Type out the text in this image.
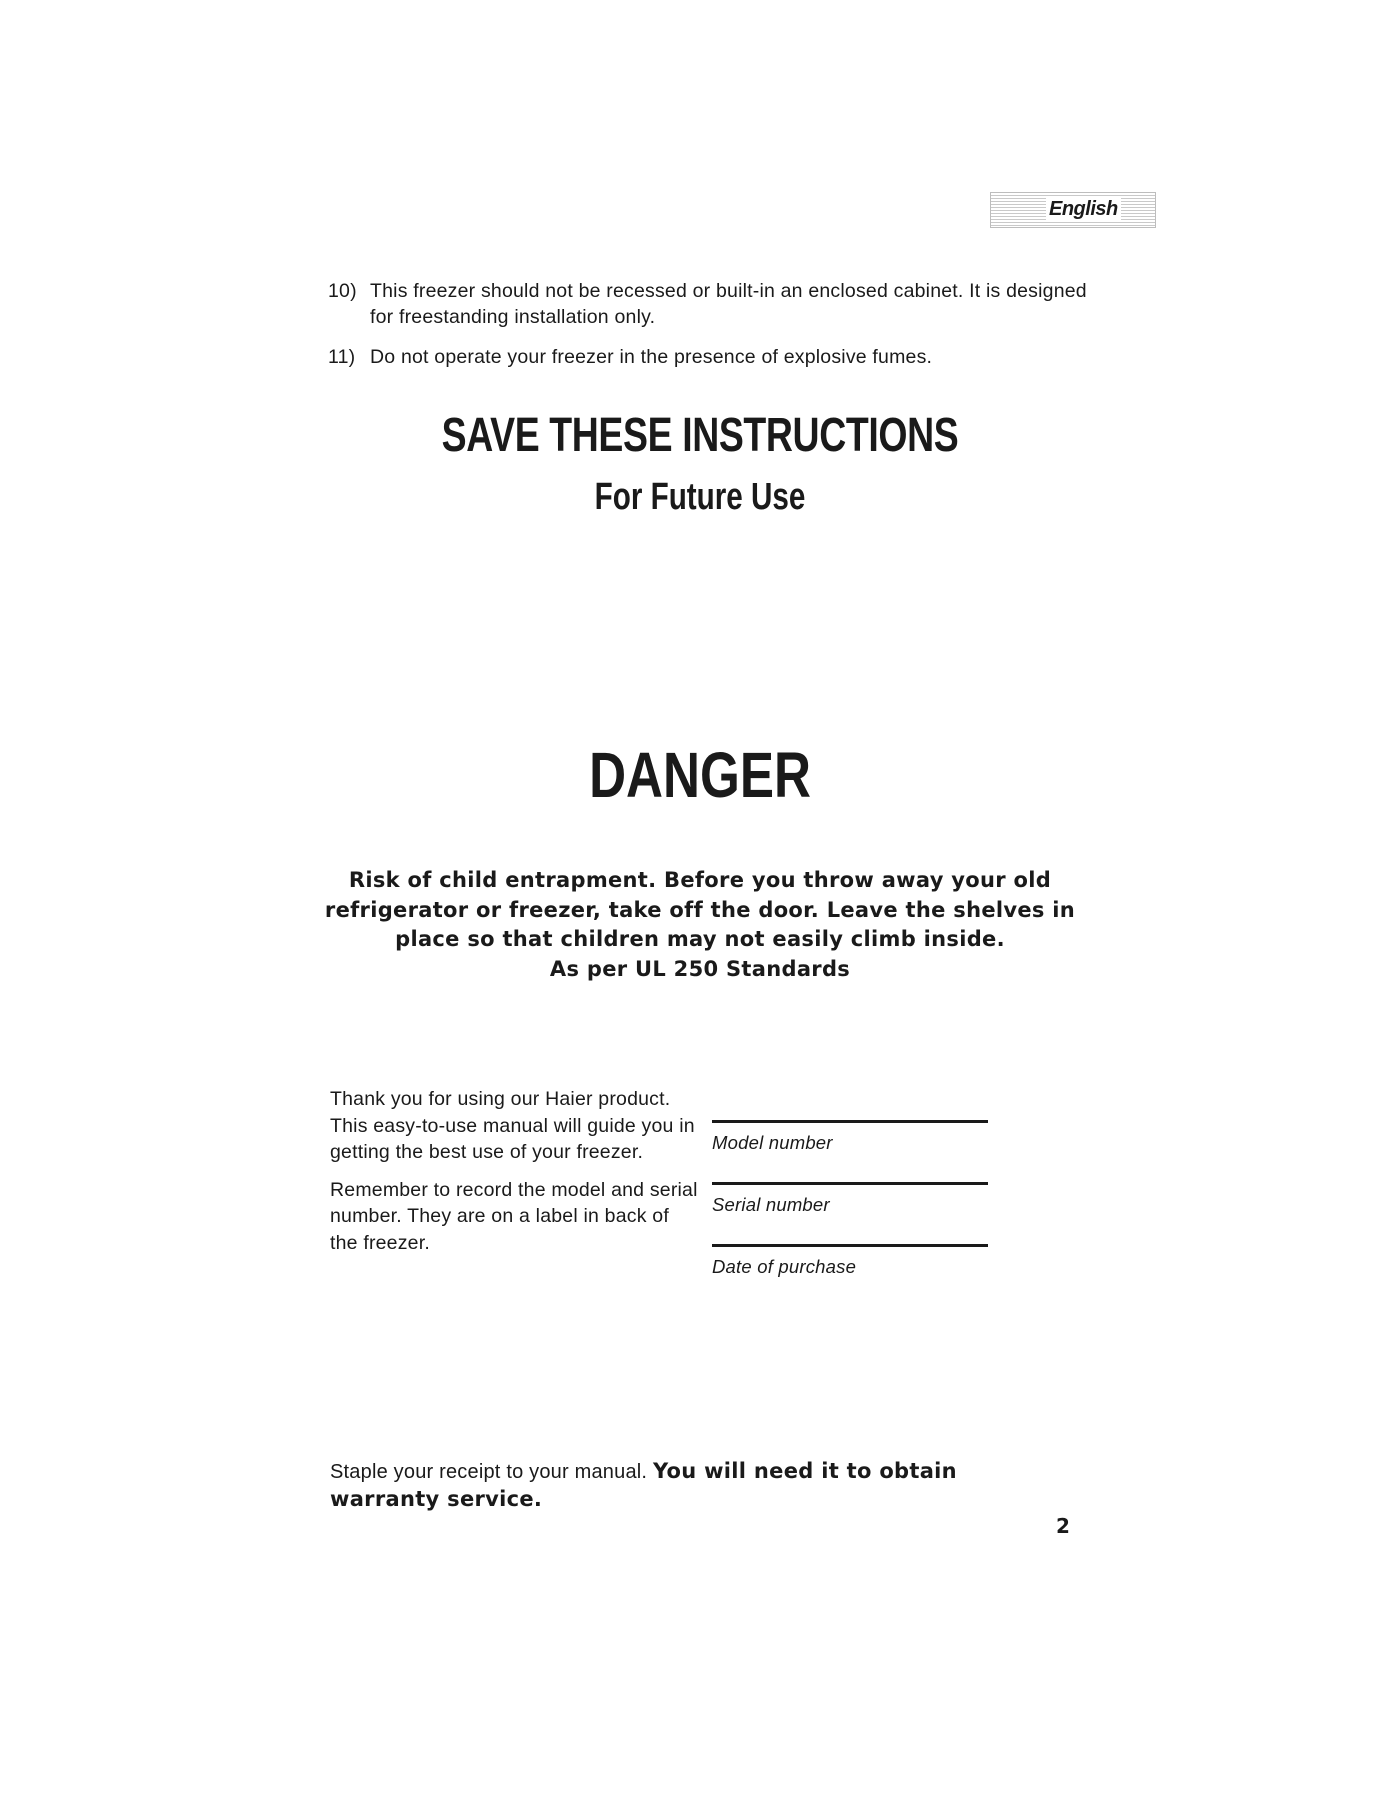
English
10) This freezer should not be recessed or built-in an enclosed cabinet. It is designed for freestanding installation only.
11) Do not operate your freezer in the presence of explosive fumes.
SAVE THESE INSTRUCTIONS
For Future Use
DANGER
Risk of child entrapment. Before you throw away your old
refrigerator or freezer, take off the door. Leave the shelves in
place so that children may not easily climb inside.
As per UL 250 Standards

Thank you for using our Haier product. This easy-to-use manual will guide you in getting the best use of your freezer.

Remember to record the model and serial number. They are on a label in back of the freezer.

Model number
Serial number
Date of purchase
Staple your receipt to your manual. You will need it to obtain warranty service.
2
